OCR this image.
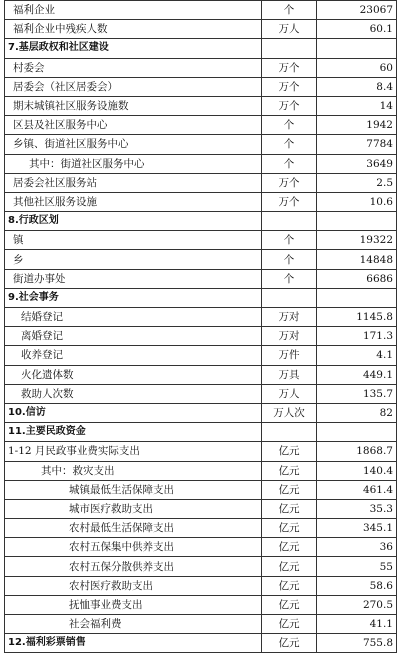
福利企业	个	23067
福利企业中残疾人数	万人	60.1
7.基层政权和社区建设		
村委会	万个	60
居委会（社区居委会）	万个	8.4
期末城镇社区服务设施数	万个	14
区县及社区服务中心	个	1942
乡镇、街道社区服务中心	个	7784
其中：街道社区服务中心	个	3649
居委会社区服务站	万个	2.5
其他社区服务设施	万个	10.6
8.行政区划		
镇	个	19322
乡	个	14848
街道办事处	个	6686
9.社会事务		
结婚登记	万对	1145.8
离婚登记	万对	171.3
收养登记	万件	4.1
火化遗体数	万具	449.1
救助人次数	万人	135.7
10.信访	万人次	82
11.主要民政资金		
1-12 月民政事业费实际支出	亿元	1868.7
其中：救灾支出	亿元	140.4
城镇最低生活保障支出	亿元	461.4
城市医疗救助支出	亿元	35.3
农村最低生活保障支出	亿元	345.1
农村五保集中供养支出	亿元	36
农村五保分散供养支出	亿元	55
农村医疗救助支出	亿元	58.6
抚恤事业费支出	亿元	270.5
社会福利费	亿元	41.1
12.福利彩票销售	亿元	755.8
